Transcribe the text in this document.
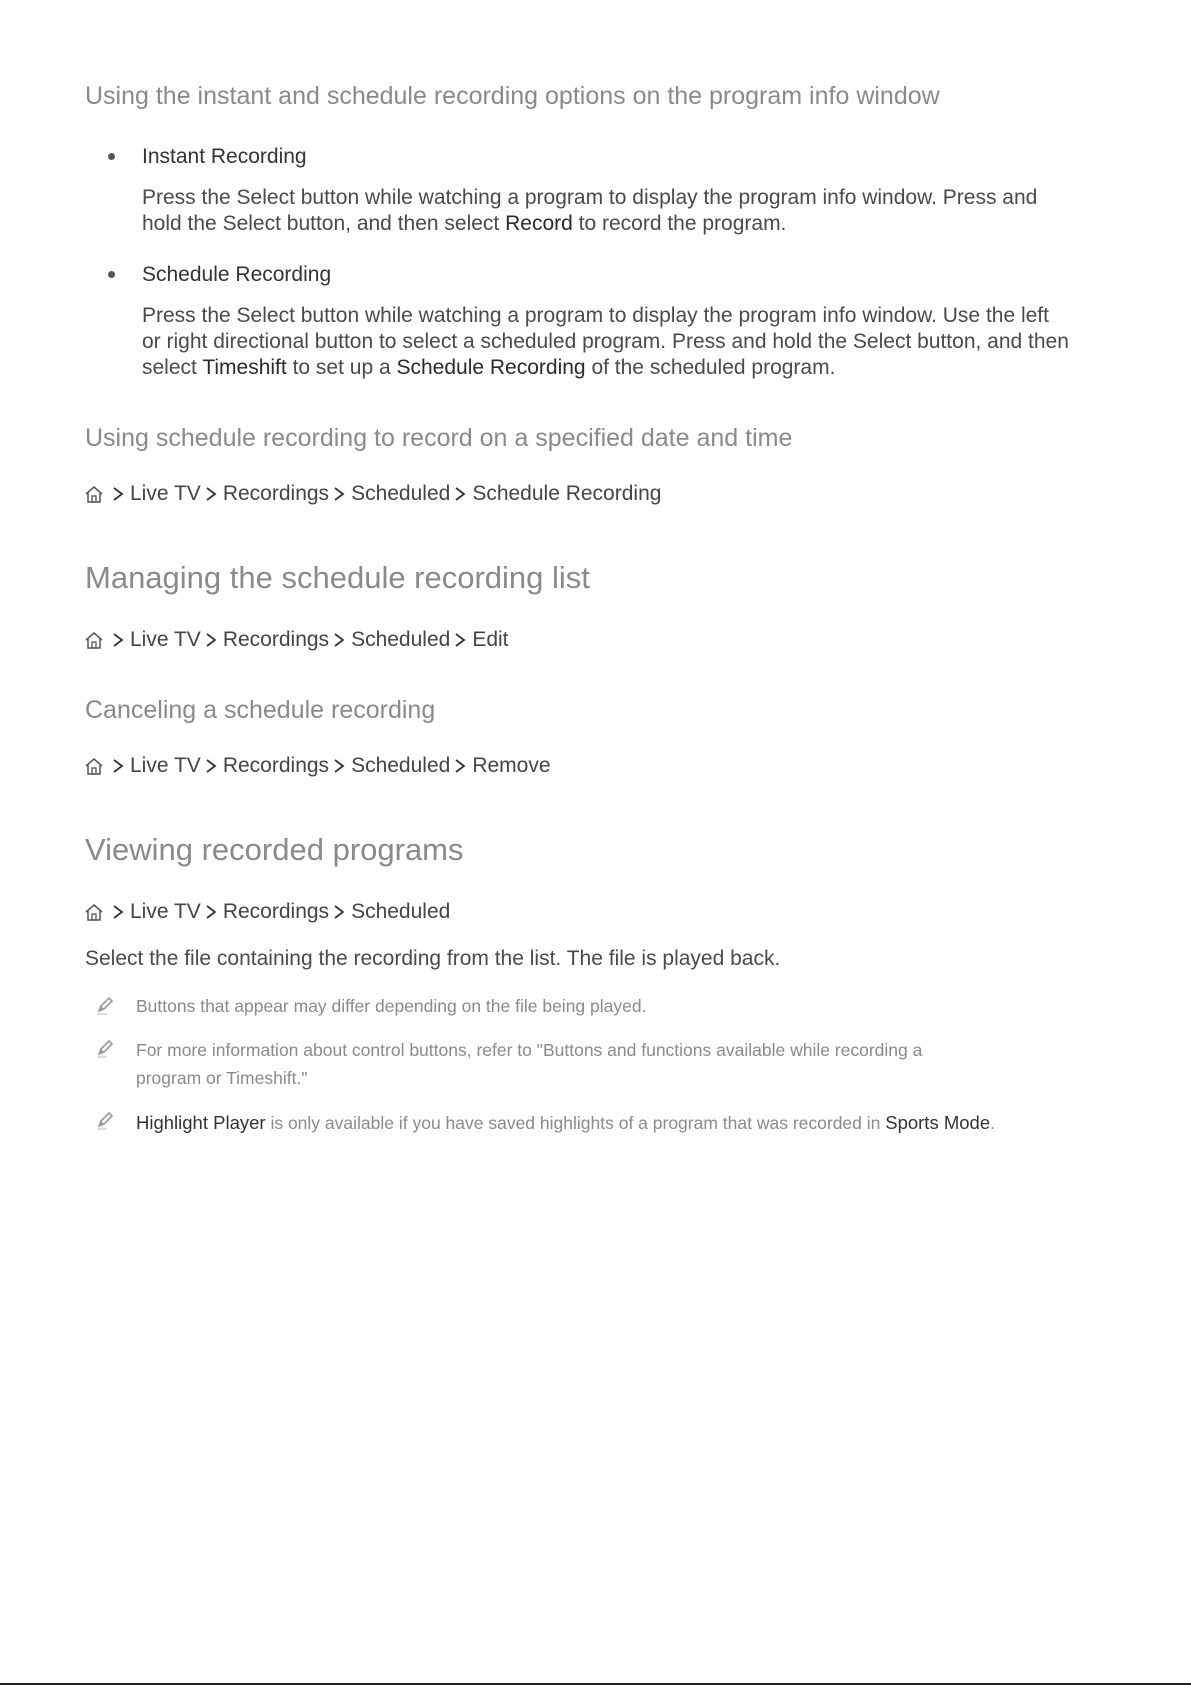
Using the instant and schedule recording options on the program info window
Instant Recording
Press the Select button while watching a program to display the program info window. Press and
hold the Select button, and then select Record to record the program.
Schedule Recording
Press the Select button while watching a program to display the program info window. Use the left
or right directional button to select a scheduled program. Press and hold the Select button, and then
select Timeshift to set up a Schedule Recording of the scheduled program.
Using schedule recording to record on a specified date and time
Live TV Recordings Scheduled Schedule Recording
Managing the schedule recording list
Live TV Recordings Scheduled Edit
Canceling a schedule recording
Live TV Recordings Scheduled Remove
Viewing recorded programs
Live TV Recordings Scheduled
Select the file containing the recording from the list. The file is played back.
Buttons that appear may differ depending on the file being played.
For more information about control buttons, refer to "Buttons and functions available while recording a
program or Timeshift."
Highlight Player is only available if you have saved highlights of a program that was recorded in Sports Mode.
